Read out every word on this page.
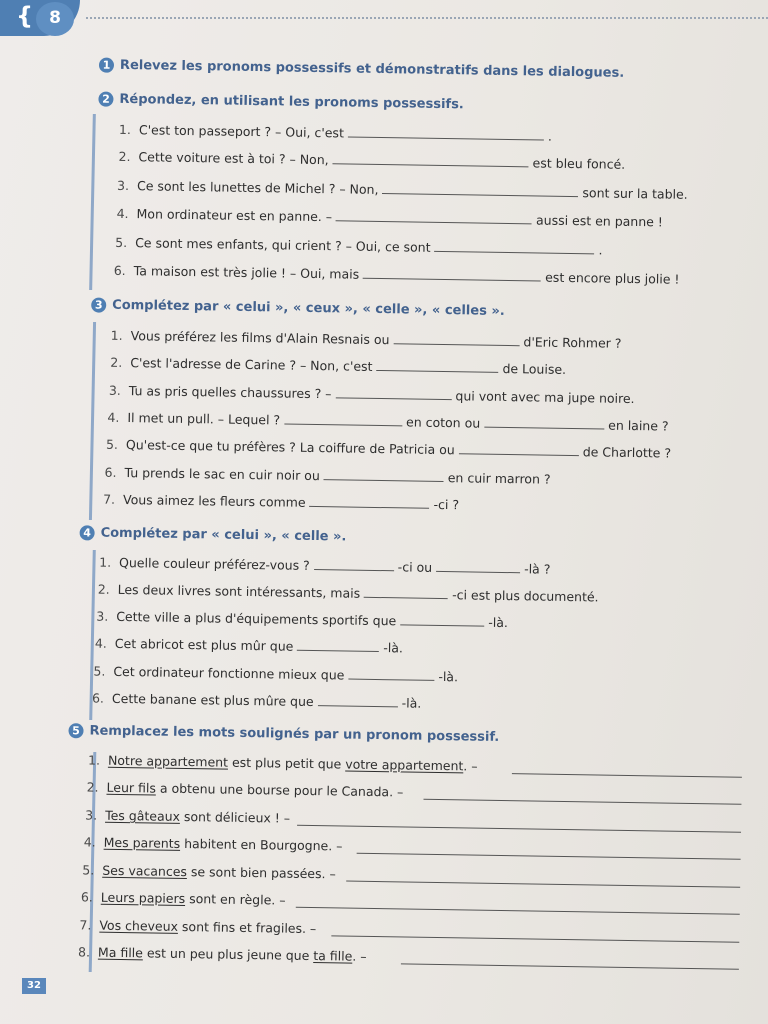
{ 8
1 Relevez les pronoms possessifs et démonstratifs dans les dialogues.
2 Répondez, en utilisant les pronoms possessifs.
1. C'est ton passeport ? – Oui, c'est	.
2. Cette voiture est à toi ? – Non,	est bleu foncé.
3. Ce sont les lunettes de Michel ? – Non,	sont sur la table.
4. Mon ordinateur est en panne. –	aussi est en panne !
5. Ce sont mes enfants, qui crient ? – Oui, ce sont	.
6. Ta maison est très jolie ! – Oui, mais	est encore plus jolie !
3 Complétez par « celui », « ceux », « celle », « celles ».
1. Vous préférez les films d'Alain Resnais ou	d'Eric Rohmer ?
2. C'est l'adresse de Carine ? – Non, c'est	de Louise.
3. Tu as pris quelles chaussures ? –	qui vont avec ma jupe noire.
4. Il met un pull. – Lequel ?	en coton ou	en laine ?
5. Qu'est-ce que tu préfères ? La coiffure de Patricia ou	de Charlotte ?
6. Tu prends le sac en cuir noir ou	en cuir marron ?
7. Vous aimez les fleurs comme	-ci ?
4 Complétez par « celui », « celle ».
1. Quelle couleur préférez-vous ?	-ci ou	-là ?
2. Les deux livres sont intéressants, mais	-ci est plus documenté.
3. Cette ville a plus d'équipements sportifs que	-là.
4. Cet abricot est plus mûr que	-là.
5. Cet ordinateur fonctionne mieux que	-là.
6. Cette banane est plus mûre que	-là.
5 Remplacez les mots soulignés par un pronom possessif.
1. Notre appartement est plus petit que votre appartement . –
2. Leur fils a obtenu une bourse pour le Canada. –
3. Tes gâteaux sont délicieux ! –
4. Mes parents habitent en Bourgogne. –
5. Ses vacances se sont bien passées. –
6. Leurs papiers sont en règle. –
7. Vos cheveux sont fins et fragiles. –
8. Ma fille est un peu plus jeune que ta fille . –
32
